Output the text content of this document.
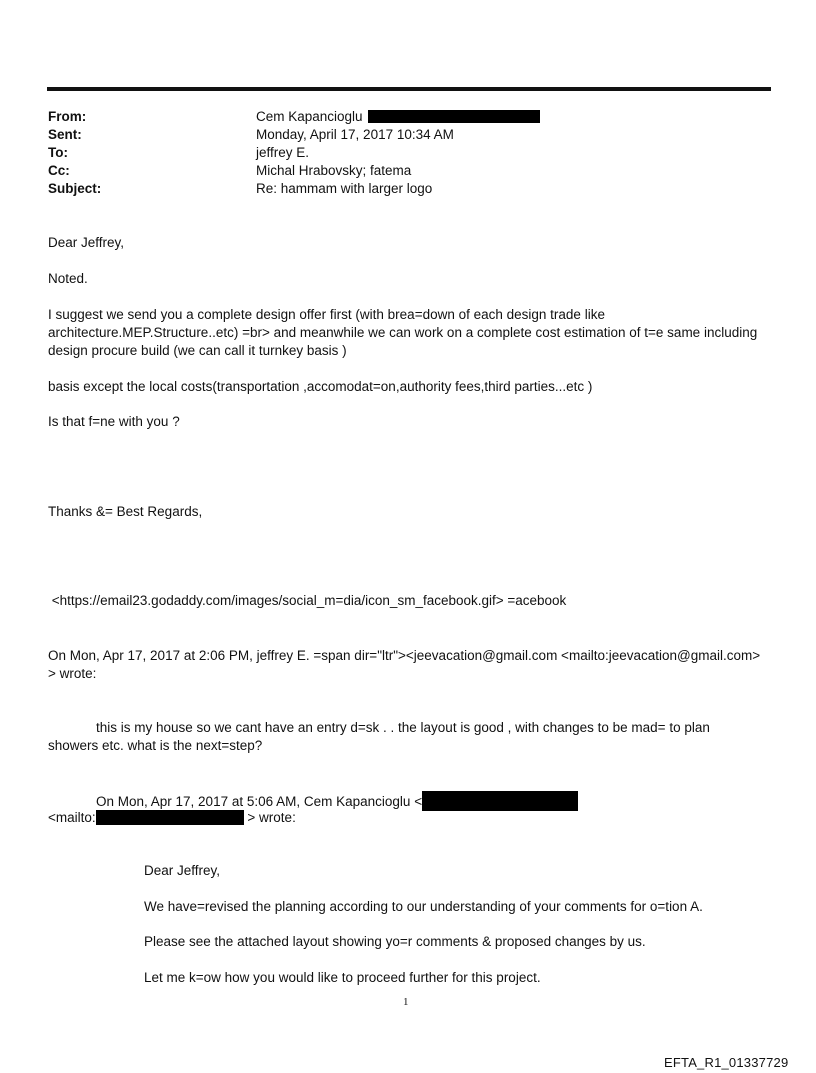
From:	Cem Kapancioglu
Sent:	Monday, April 17, 2017 10:34 AM
To:	jeffrey E.
Cc:	Michal Hrabovsky; fatema
Subject:	Re: hammam with larger logo
Dear Jeffrey,
Noted.
I suggest we send you a complete design offer first (with brea=down of each design trade like
architecture.MEP.Structure..etc) =br> and meanwhile we can work on a complete cost estimation of t=e same including
design procure build (we can call it turnkey basis )
basis except the local costs(transportation ,accomodat=on,authority fees,third parties...etc )
Is that f=ne with you ?
Thanks &= Best Regards,
<https://email23.godaddy.com/images/social_m=dia/icon_sm_facebook.gif> =acebook
On Mon, Apr 17, 2017 at 2:06 PM, jeffrey E. =span dir="ltr"><jeevacation@gmail.com <mailto:jeevacation@gmail.com>
> wrote:
this is my house so we cant have an entry d=sk . . the layout is good , with changes to be mad= to plan
showers etc. what is the next=step?
On Mon, Apr 17, 2017 at 5:06 AM, Cem Kapancioglu <
<mailto:	> wrote:
Dear Jeffrey,
We have=revised the planning according to our understanding of your comments for o=tion A.
Please see the attached layout showing yo=r comments & proposed changes by us.
Let me k=ow how you would like to proceed further for this project.
1
EFTA_R1_01337729
